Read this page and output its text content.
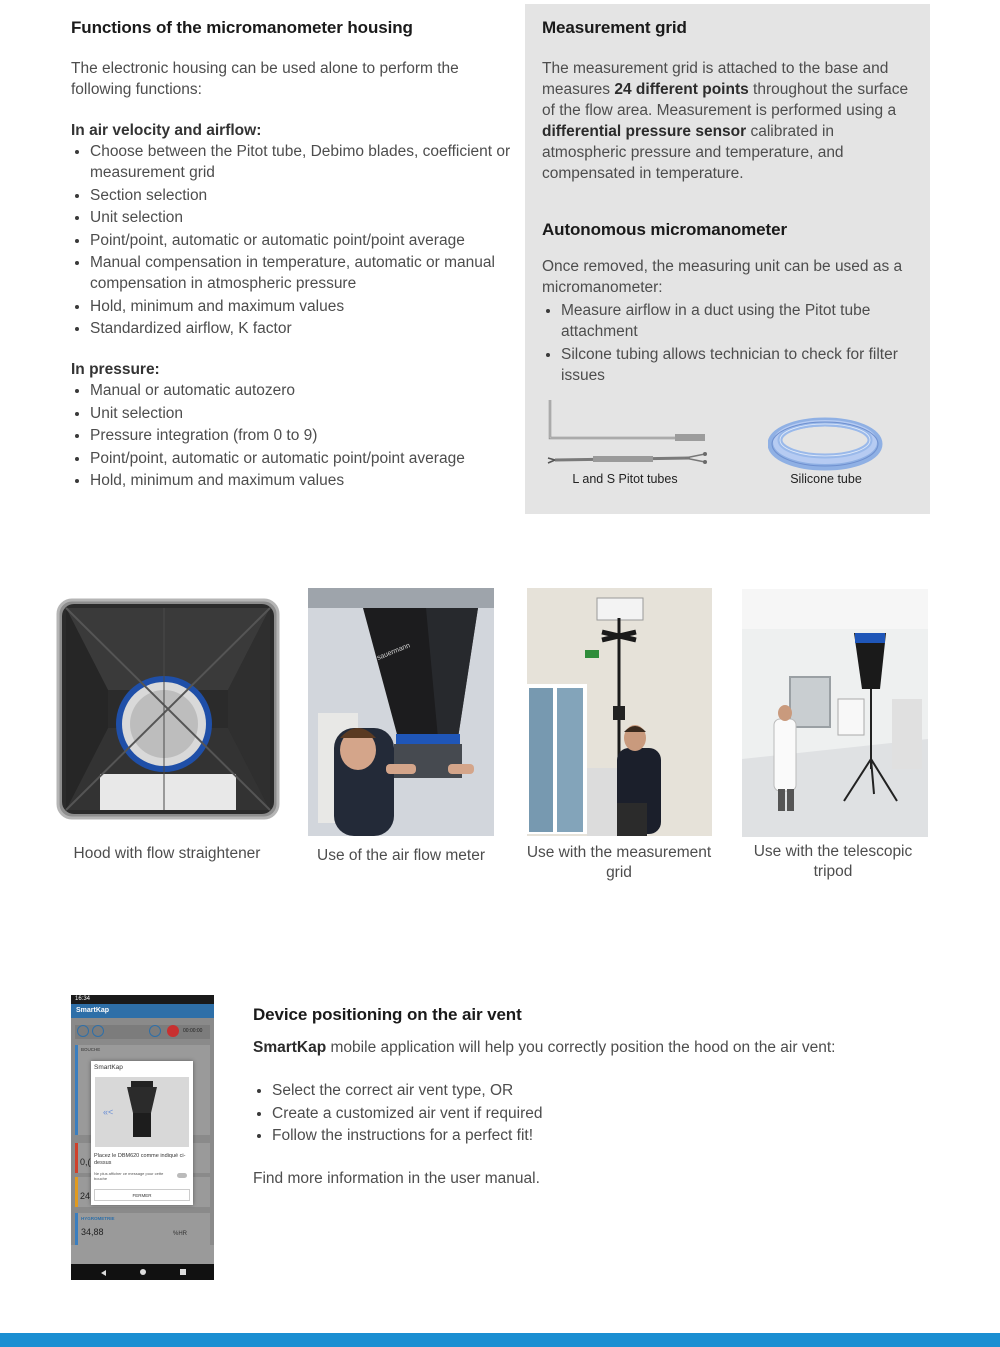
Functions of the micromanometer housing

The electronic housing can be used alone to perform the following functions:

In air velocity and airflow:

Choose between the Pitot tube, Debimo blades, coefficient or measurement grid
Section selection
Unit selection
Point/point, automatic or automatic point/point average
Manual compensation in temperature, automatic or manual compensation in atmospheric pressure
Hold, minimum and maximum values
Standardized airflow, K factor

In pressure:

Manual or automatic autozero
Unit selection
Pressure integration (from 0 to 9)
Point/point, automatic or automatic point/point average
Hold, minimum and maximum values
Measurement grid

The measurement grid is attached to the base and measures 24 different points throughout the surface of the flow area. Measurement is performed using a differential pressure sensor calibrated in atmospheric pressure and temperature, and compensated in temperature.

Autonomous micromanometer

Once removed, the measuring unit can be used as a micromanometer:

Measure airflow in a duct using the Pitot tube attachment
Silcone tubing allows technician to check for filter issues
L and S Pitot tubes	Silicone tube
Hood with flow straightener
sauermann
Use of the air flow meter	Use with the measurement grid
Use with the telescopic tripod
16:34
SmartKap
00:00:00
BOUCHE
0,(
24
HYGROMETRIE
34,88	%HR
SmartKap
«<
Placez le DBM620 comme indiqué ci-dessus
Ne plus afficher ce message pour cette bouche
FERMER
Device positioning on the air vent

SmartKap mobile application will help you correctly position the hood on the air vent:

Select the correct air vent type, OR
Create a customized air vent if required
Follow the instructions for a perfect fit!

Find more information in the user manual.
